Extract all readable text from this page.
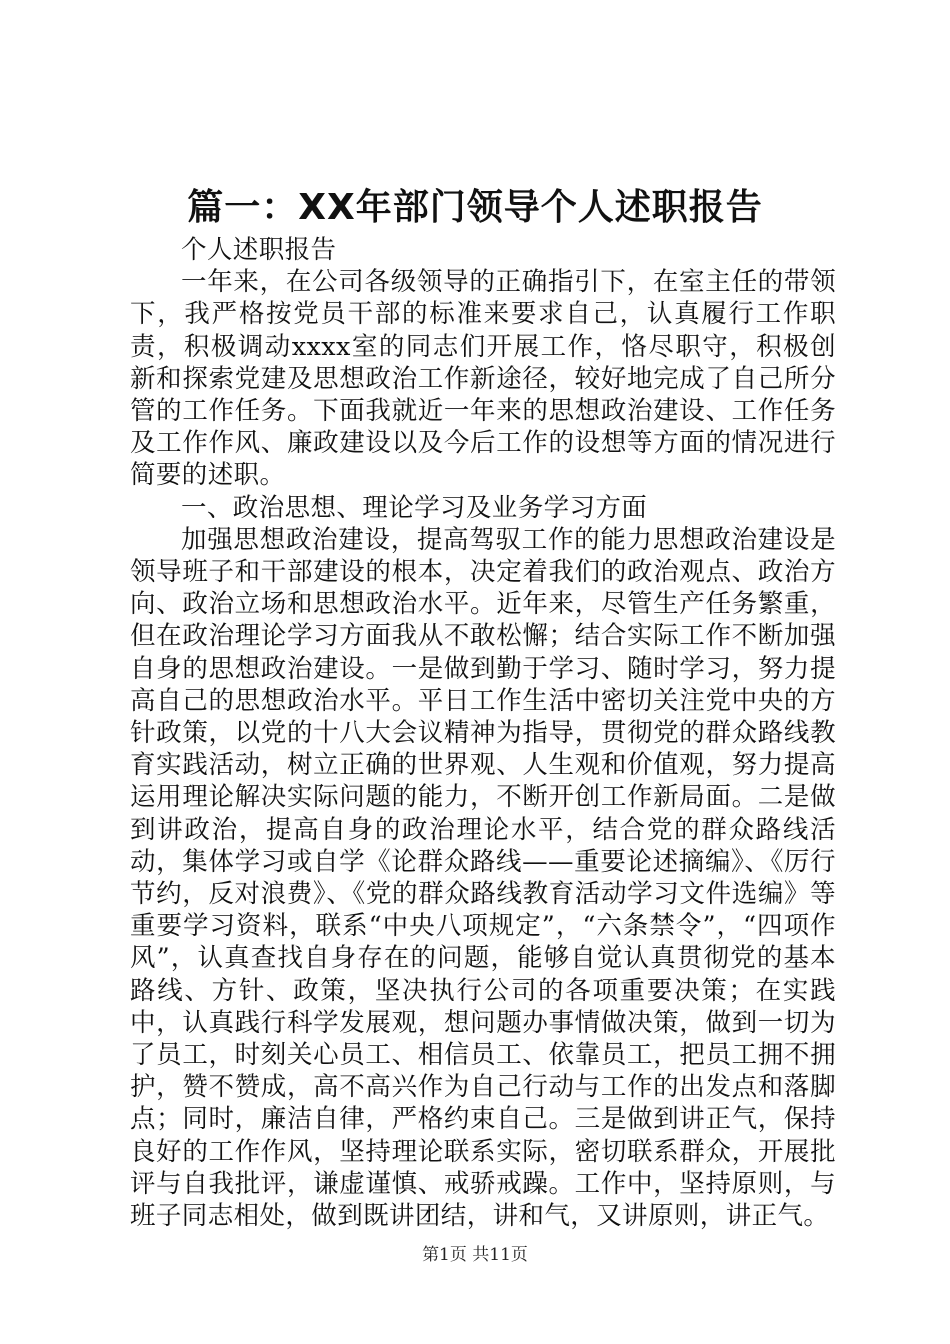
篇一：XX年部门领导个人述职报告

个人述职报告

一年来，在公司各级领导的正确指引下，在室主任的带领下，我严格按党员干部的标准来要求自己，认真履行工作职责，积极调动xxxx室的同志们开展工作，恪尽职守，积极创新和探索党建及思想政治工作新途径，较好地完成了自己所分管的工作任务。下面我就近一年来的思想政治建设、工作任务及工作作风、廉政建设以及今后工作的设想等方面的情况进行简要的述职。

一、政治思想、理论学习及业务学习方面

加强思想政治建设，提高驾驭工作的能力思想政治建设是领导班子和干部建设的根本，决定着我们的政治观点、政治方向、政治立场和思想政治水平。近年来，尽管生产任务繁重，但在政治理论学习方面我从不敢松懈；结合实际工作不断加强自身的思想政治建设。一是做到勤于学习、随时学习，努力提高自己的思想政治水平。平日工作生活中密切关注党中央的方针政策，以党的十八大会议精神为指导，贯彻党的群众路线教育实践活动，树立正确的世界观、人生观和价值观，努力提高运用理论解决实际问题的能力，不断开创工作新局面。二是做到讲政治，提高自身的政治理论水平，结合党的群众路线活动，集体学习或自学《论群众路线——重要论述摘编》、《厉行节约，反对浪费》、《党的群众路线教育活动学习文件选编》等重要学习资料，联系“中央八项规定”，“六条禁令”，“四项作风”，认真查找自身存在的问题，能够自觉认真贯彻党的基本路线、方针、政策，坚决执行公司的各项重要决策；在实践中，认真践行科学发展观，想问题办事情做决策，做到一切为了员工，时刻关心员工、相信员工、依靠员工，把员工拥不拥护，赞不赞成，高不高兴作为自己行动与工作的出发点和落脚点；同时，廉洁自律，严格约束自己。三是做到讲正气，保持良好的工作作风，坚持理论联系实际，密切联系群众，开展批评与自我批评，谦虚谨慎、戒骄戒躁。工作中，坚持原则，与班子同志相处，做到既讲团结，讲和气，又讲原则，讲正气。

第1页 共11页
